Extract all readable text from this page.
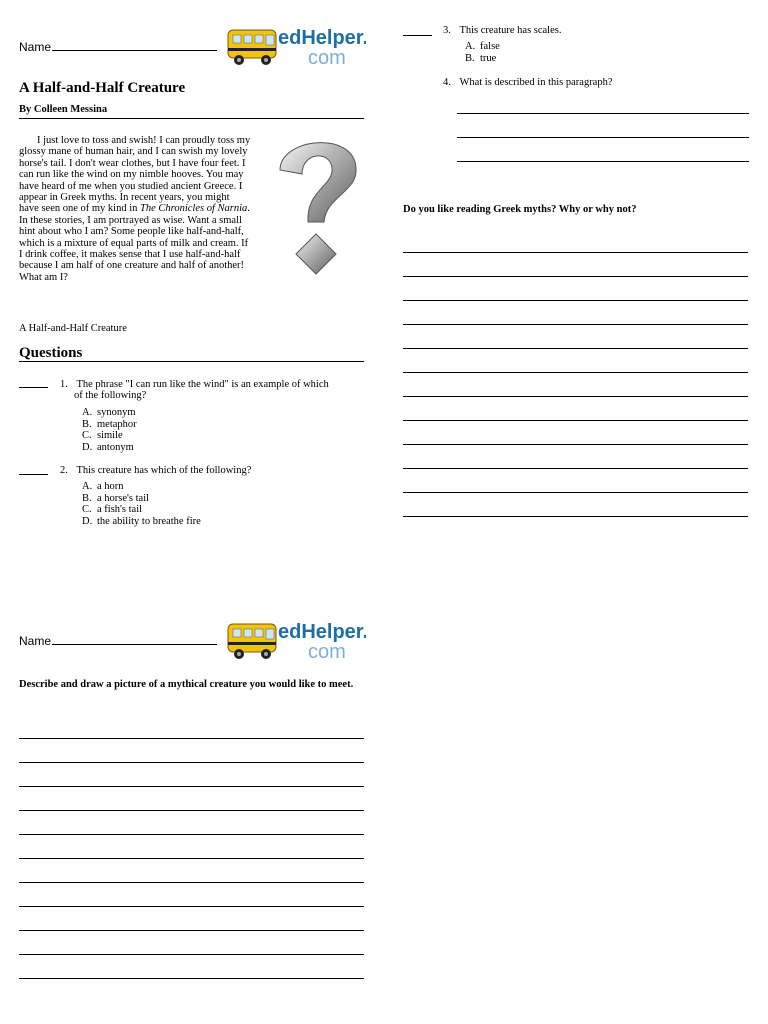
Name	edHelper.
com
A Half-and-Half Creature
By Colleen Messina

I just love to toss and swish! I can proudly toss my glossy mane of human hair, and I can swish my lovely horse's tail. I don't wear clothes, but I have four feet. I can run like the wind on my nimble hooves. You may have heard of me when you studied ancient Greece. I appear in Greek myths. In recent years, you might have seen one of my kind in The Chronicles of Narnia. In these stories, I am portrayed as wise. Want a small hint about who I am? Some people like half-and-half, which is a mixture of equal parts of milk and cream. If I drink coffee, it makes sense that I use half-and-half because I am half of one creature and half of another! What am I?

A Half-and-Half Creature
Questions
1. The phrase "I can run like the wind" is an example of which
of the following?
A. synonym
B. metaphor
C. simile
D. antonym
2. This creature has which of the following?
A. a horn
B. a horse's tail
C. a fish's tail
D. the ability to breathe fire
3. This creature has scales.
A. false
B. true
4. What is described in this paragraph?
Do you like reading Greek myths? Why or why not?
Name	edHelper.
com
Describe and draw a picture of a mythical creature you would like to meet.
